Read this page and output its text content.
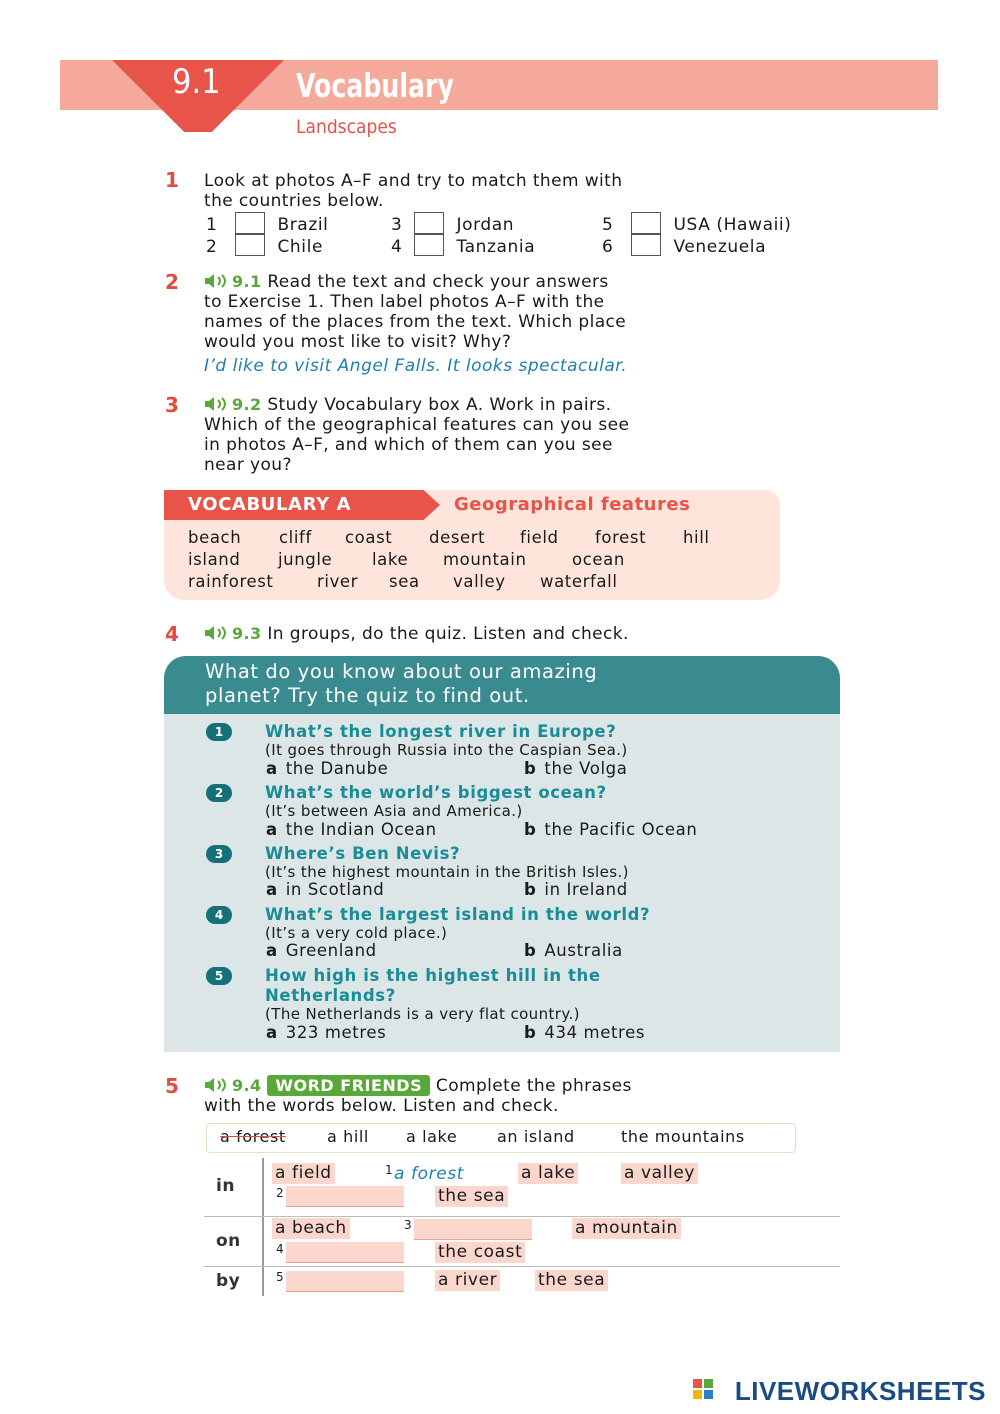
9.1 Vocabulary
Landscapes
1 Look at photos A–F and try to match them with
the countries below.
1	Brazil	3	Jordan	5	USA (Hawaii)
2	Chile	4	Tanzania	6	Venezuela
2	9.1 Read the text and check your answers
to Exercise 1. Then label photos A–F with the
names of the places from the text. Which place
would you most like to visit? Why?
I’d like to visit Angel Falls. It looks spectacular.
3	9.2 Study Vocabulary box A. Work in pairs.
Which of the geographical features can you see
in photos A–F, and which of them can you see
near you?
VOCABULARY A	Geographical features
beach cliff coast desert field forest hill
island jungle lake mountain	ocean
rainforest	river sea valley waterfall
4	9.3 In groups, do the quiz. Listen and check.
What do you know about our amazing
planet? Try the quiz to find out.
1	What’s the longest river in Europe?
(It goes through Russia into the Caspian Sea.)
a the Danube	b the Volga
2	What’s the world’s biggest ocean?
(It’s between Asia and America.)
a the Indian Ocean	b the Pacific Ocean
3	Where’s Ben Nevis?
(It’s the highest mountain in the British Isles.)
a in Scotland	b in Ireland
4	What’s the largest island in the world?
(It’s a very cold place.)
a Greenland	b Australia
5	How high is the highest hill in the
Netherlands?
(The Netherlands is a very flat country.)
a 323 metres	b 434 metres
5	9.4 WORD FRIENDS Complete the phrases
with the words below. Listen and check.
a forest	a hill a lake an island	the mountains
in
a field	1 a forest	a lake	a valley
2	the sea
on
a beach	3	a mountain
4	the coast
by	5	a river the sea
LIVEWORKSHEETS
